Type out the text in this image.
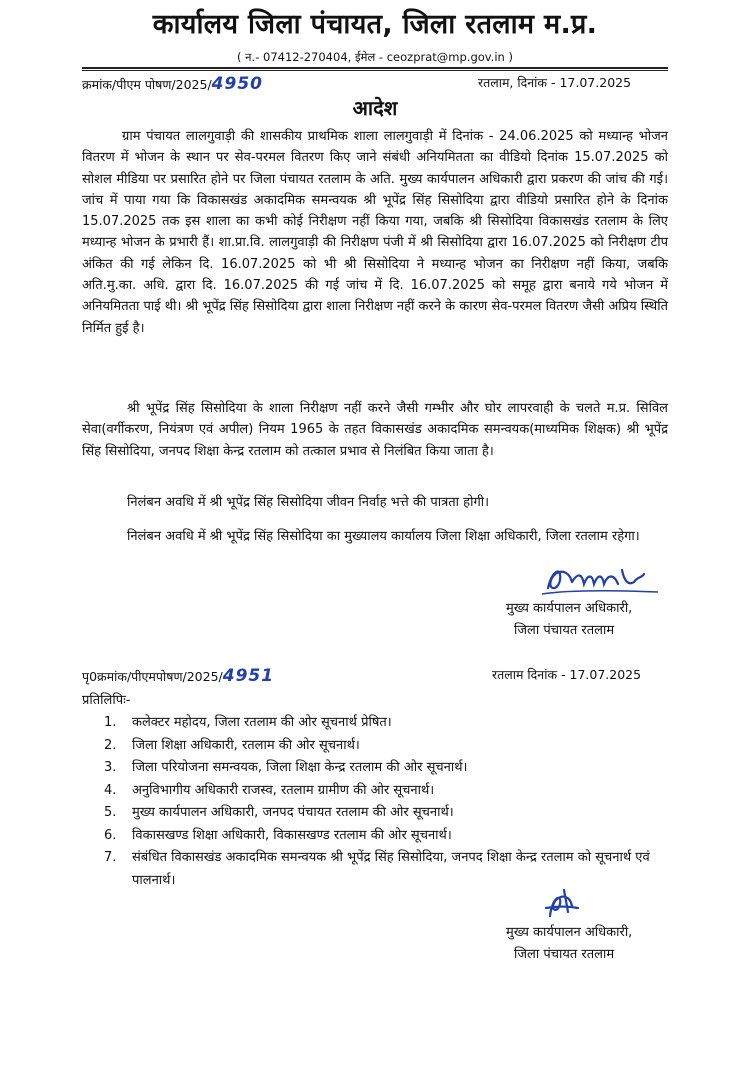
कार्यालय जिला पंचायत, जिला रतलाम म.प्र.
( न.- 07412-270404, ईमेल - ceozprat@mp.gov.in )
क्रमांक/पीएम पोषण/2025/4950	रतलाम, दिनांक - 17.07.2025
आदेश

ग्राम पंचायत लालगुवाड़ी की शासकीय प्राथमिक शाला लालगुवाड़ी में दिनांक - 24.06.2025 को मध्यान्ह भोजन वितरण में भोजन के स्थान पर सेव-परमल वितरण किए जाने संबंधी अनियमितता का वीडियो दिनांक 15.07.2025 को सोशल मीडिया पर प्रसारित होने पर जिला पंचायत रतलाम के अति. मुख्य कार्यपालन अधिकारी द्वारा प्रकरण की जांच की गई। जांच में पाया गया कि विकासखंड अकादमिक समन्वयक श्री भूपेंद्र सिंह सिसोदिया द्वारा वीडियो प्रसारित होने के दिनांक 15.07.2025 तक इस शाला का कभी कोई निरीक्षण नहीं किया गया, जबकि श्री सिसोदिया विकासखंड रतलाम के लिए मध्यान्ह भोजन के प्रभारी हैं। शा.प्रा.वि. लालगुवाड़ी की निरीक्षण पंजी में श्री सिसोदिया द्वारा 16.07.2025 को निरीक्षण टीप अंकित की गई लेकिन दि. 16.07.2025 को भी श्री सिसोदिया ने मध्यान्ह भोजन का निरीक्षण नहीं किया, जबकि अति.मु.का. अधि. द्वारा दि. 16.07.2025 की गई जांच में दि. 16.07.2025 को समूह द्वारा बनाये गये भोजन में अनियमितता पाई थी। श्री भूपेंद्र सिंह सिसोदिया द्वारा शाला निरीक्षण नहीं करने के कारण सेव-परमल वितरण जैसी अप्रिय स्थिति निर्मित हुई है।

श्री भूपेंद्र सिंह सिसोदिया के शाला निरीक्षण नहीं करने जैसी गम्भीर और घोर लापरवाही के चलते म.प्र. सिविल सेवा(वर्गीकरण, नियंत्रण एवं अपील) नियम 1965 के तहत विकासखंड अकादमिक समन्वयक(माध्यमिक शिक्षक) श्री भूपेंद्र सिंह सिसोदिया, जनपद शिक्षा केन्द्र रतलाम को तत्काल प्रभाव से निलंबित किया जाता है।

निलंबन अवधि में श्री भूपेंद्र सिंह सिसोदिया जीवन निर्वाह भत्ते की पात्रता होगी।

निलंबन अवधि में श्री भूपेंद्र सिंह सिसोदिया का मुख्यालय कार्यालय जिला शिक्षा अधिकारी, जिला रतलाम रहेगा।

मुख्य कार्यपालन अधिकारी,
जिला पंचायत रतलाम
पृ0क्रमांक/पीएमपोषण/2025/4951	रतलाम दिनांक - 17.07.2025
प्रतिलिपिः-
1. कलेक्टर महोदय, जिला रतलाम की ओर सूचनार्थ प्रेषित।
2. जिला शिक्षा अधिकारी, रतलाम की ओर सूचनार्थ।
3. जिला परियोजना समन्वयक, जिला शिक्षा केन्द्र रतलाम की ओर सूचनार्थ।
4. अनुविभागीय अधिकारी राजस्व, रतलाम ग्रामीण की ओर सूचनार्थ।
5. मुख्य कार्यपालन अधिकारी, जनपद पंचायत रतलाम की ओर सूचनार्थ।
6. विकासखण्ड शिक्षा अधिकारी, विकासखण्ड रतलाम की ओर सूचनार्थ।
7. संबंधित विकासखंड अकादमिक समन्वयक श्री भूपेंद्र सिंह सिसोदिया, जनपद शिक्षा केन्द्र रतलाम को सूचनार्थ एवं पालनार्थ।
मुख्य कार्यपालन अधिकारी,
जिला पंचायत रतलाम
